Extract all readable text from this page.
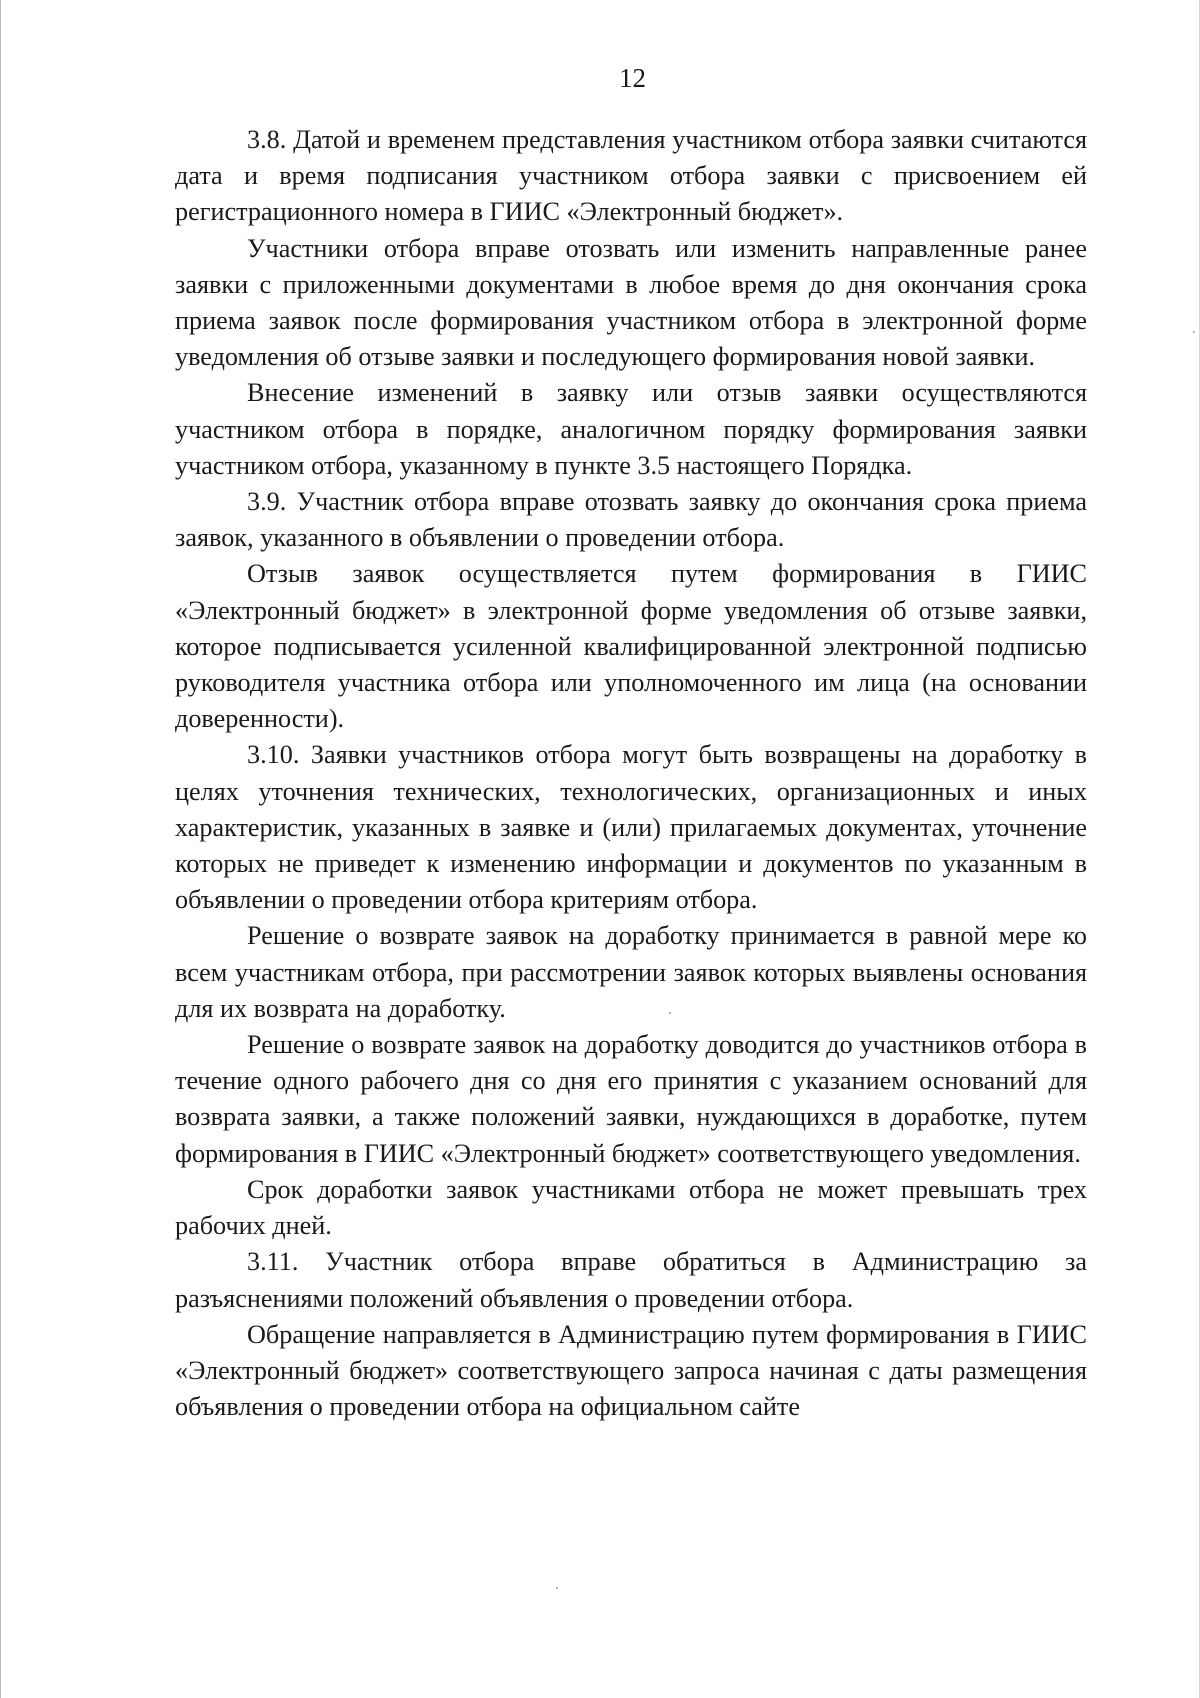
12

3.8. Датой и временем представления участником отбора заявки считаются дата и время подписания участником отбора заявки с присвоением ей регистрационного номера в ГИИС «Электронный бюджет».

Участники отбора вправе отозвать или изменить направленные ранее заявки с приложенными документами в любое время до дня окончания срока приема заявок после формирования участником отбора в электронной форме уведомления об отзыве заявки и последующего формирования новой заявки.

Внесение изменений в заявку или отзыв заявки осуществляются участником отбора в порядке, аналогичном порядку формирования заявки участником отбора, указанному в пункте 3.5 настоящего Порядка.

3.9. Участник отбора вправе отозвать заявку до окончания срока приема заявок, указанного в объявлении о проведении отбора.

Отзыв заявок осуществляется путем формирования в ГИИС «Электронный бюджет» в электронной форме уведомления об отзыве заявки, которое подписывается усиленной квалифицированной электронной подписью руководителя участника отбора или уполномоченного им лица (на основании доверенности).

3.10. Заявки участников отбора могут быть возвращены на доработку в целях уточнения технических, технологических, организационных и иных характеристик, указанных в заявке и (или) прилагаемых документах, уточнение которых не приведет к изменению информации и документов по указанным в объявлении о проведении отбора критериям отбора.

Решение о возврате заявок на доработку принимается в равной мере ко всем участникам отбора, при рассмотрении заявок которых выявлены основания для их возврата на доработку.

Решение о возврате заявок на доработку доводится до участников отбора в течение одного рабочего дня со дня его принятия с указанием оснований для возврата заявки, а также положений заявки, нуждающихся в доработке, путем формирования в ГИИС «Электронный бюджет» соответствующего уведомления.

Срок доработки заявок участниками отбора не может превышать трех рабочих дней.

3.11. Участник отбора вправе обратиться в Администрацию за разъяснениями положений объявления о проведении отбора.

Обращение направляется в Администрацию путем формирования в ГИИС «Электронный бюджет» соответствующего запроса начиная с даты размещения объявления о проведении отбора на официальном сайте
